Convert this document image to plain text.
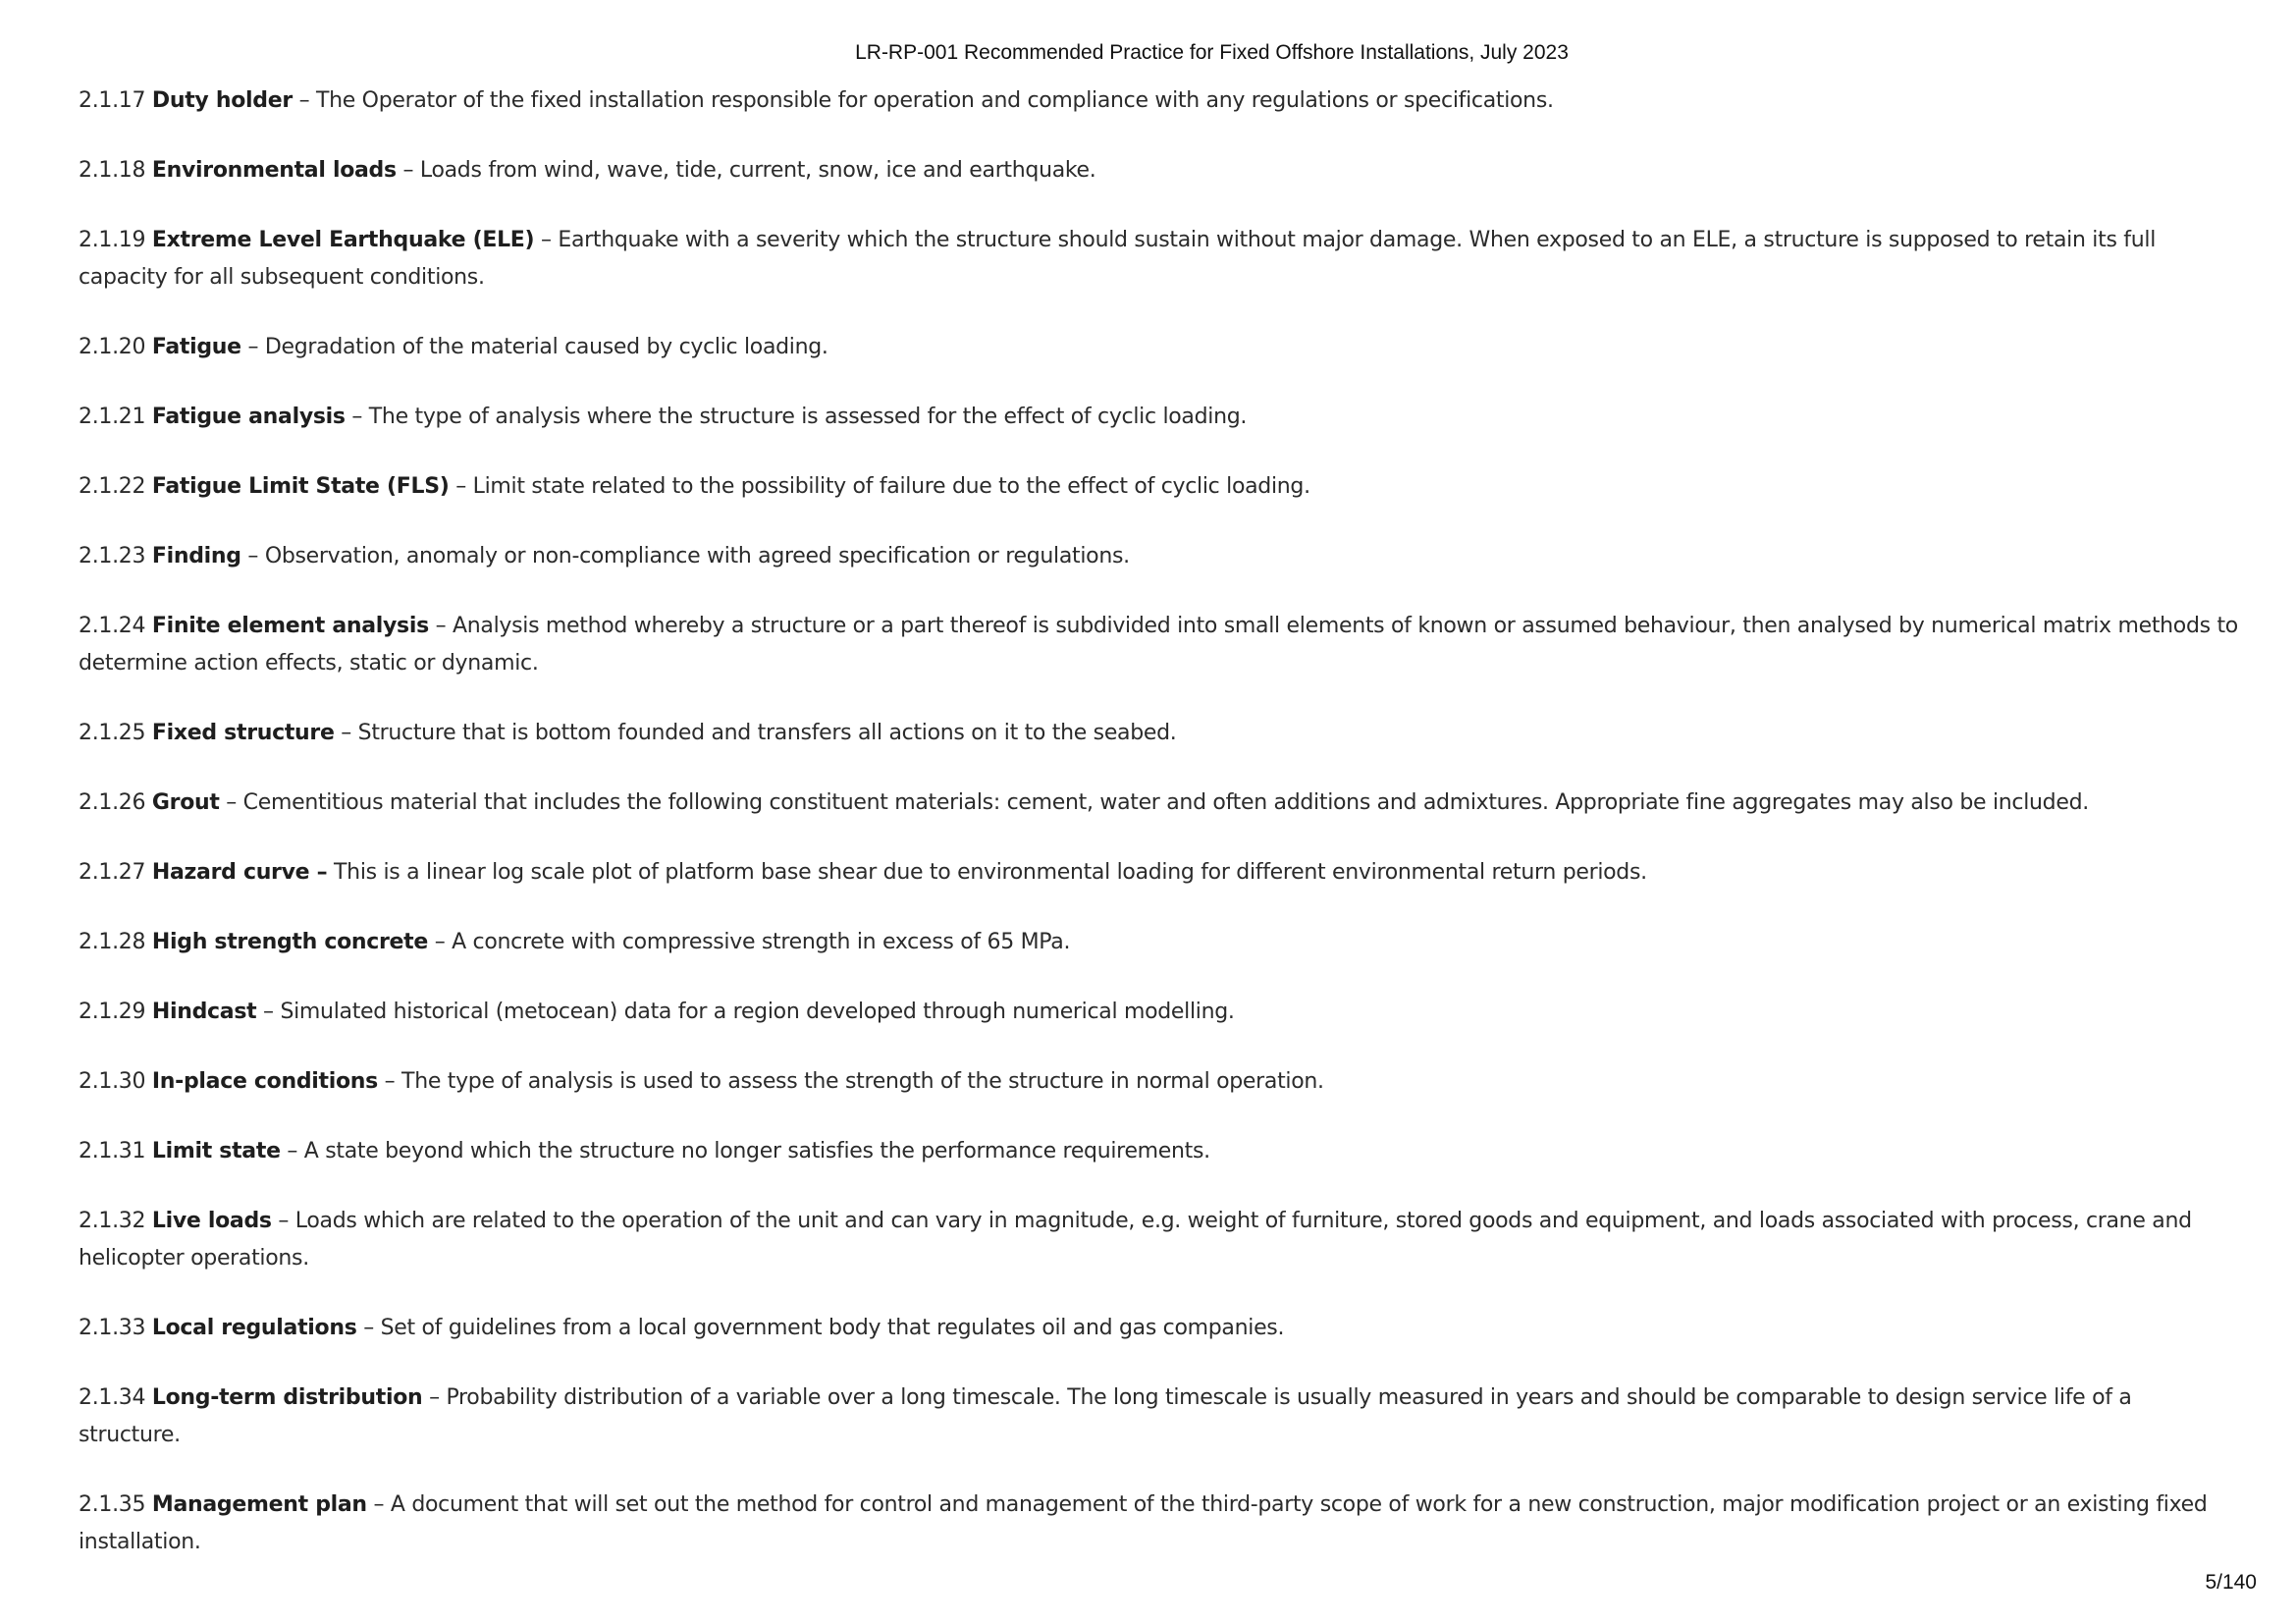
LR-RP-001 Recommended Practice for Fixed Offshore Installations, July 2023
2.1.17 Duty holder – The Operator of the fixed installation responsible for operation and compliance with any regulations or specifications.
2.1.18 Environmental loads – Loads from wind, wave, tide, current, snow, ice and earthquake.
2.1.19 Extreme Level Earthquake (ELE) – Earthquake with a severity which the structure should sustain without major damage. When exposed to an ELE, a structure is supposed to retain its full capacity for all subsequent conditions.
2.1.20 Fatigue – Degradation of the material caused by cyclic loading.
2.1.21 Fatigue analysis – The type of analysis where the structure is assessed for the effect of cyclic loading.
2.1.22 Fatigue Limit State (FLS) – Limit state related to the possibility of failure due to the effect of cyclic loading.
2.1.23 Finding – Observation, anomaly or non-compliance with agreed specification or regulations.
2.1.24 Finite element analysis – Analysis method whereby a structure or a part thereof is subdivided into small elements of known or assumed behaviour, then analysed by numerical matrix methods to determine action effects, static or dynamic.
2.1.25 Fixed structure – Structure that is bottom founded and transfers all actions on it to the seabed.
2.1.26 Grout – Cementitious material that includes the following constituent materials: cement, water and often additions and admixtures. Appropriate fine aggregates may also be included.
2.1.27 Hazard curve – This is a linear log scale plot of platform base shear due to environmental loading for different environmental return periods.
2.1.28 High strength concrete – A concrete with compressive strength in excess of 65 MPa.
2.1.29 Hindcast – Simulated historical (metocean) data for a region developed through numerical modelling.
2.1.30 In-place conditions – The type of analysis is used to assess the strength of the structure in normal operation.
2.1.31 Limit state – A state beyond which the structure no longer satisfies the performance requirements.
2.1.32 Live loads – Loads which are related to the operation of the unit and can vary in magnitude, e.g. weight of furniture, stored goods and equipment, and loads associated with process, crane and helicopter operations.
2.1.33 Local regulations – Set of guidelines from a local government body that regulates oil and gas companies.
2.1.34 Long-term distribution – Probability distribution of a variable over a long timescale. The long timescale is usually measured in years and should be comparable to design service life of a structure.
2.1.35 Management plan – A document that will set out the method for control and management of the third-party scope of work for a new construction, major modification project or an existing fixed installation.
5/140
